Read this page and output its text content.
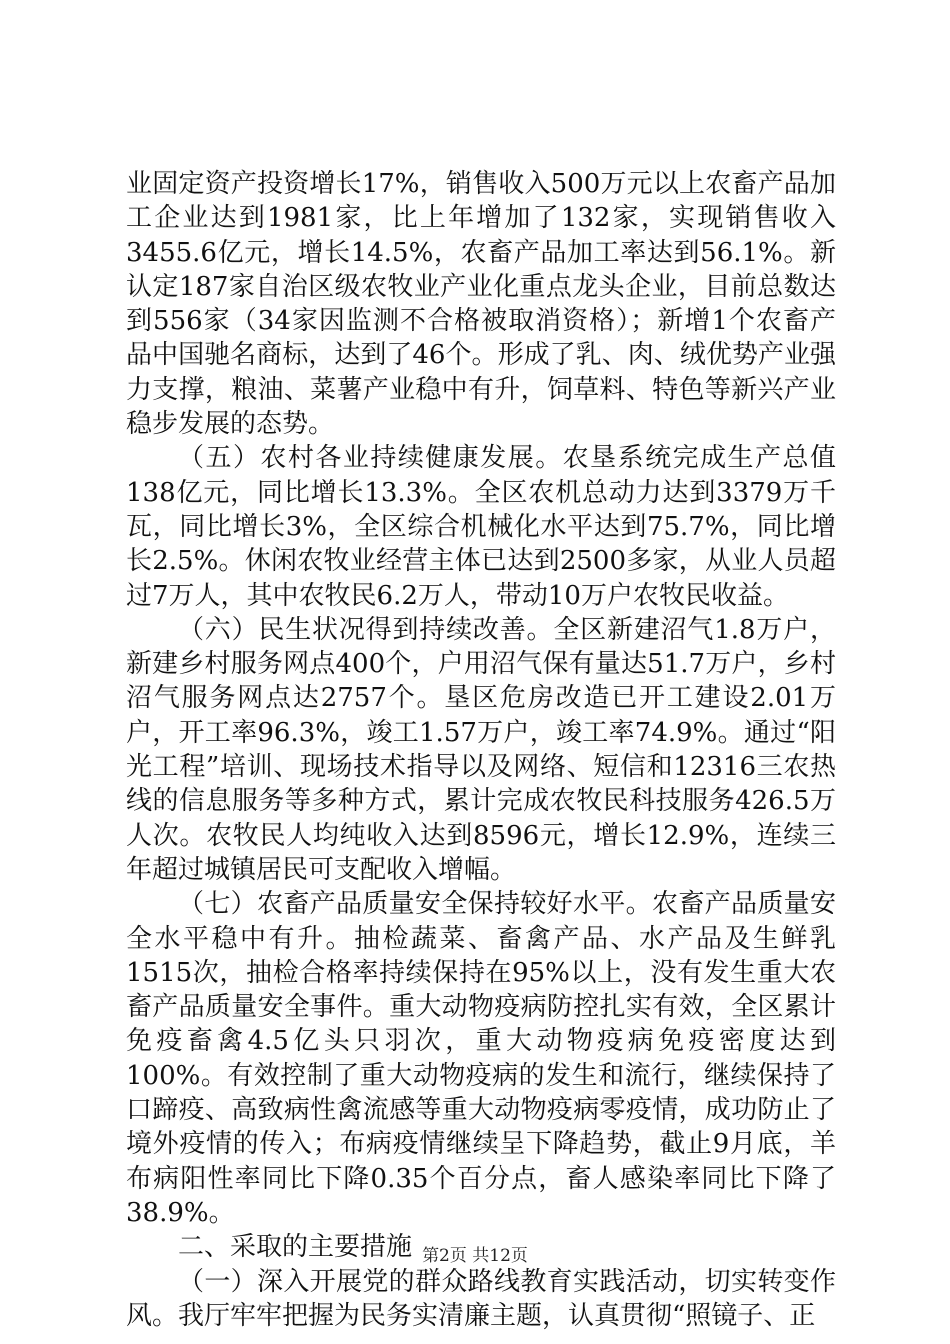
业固定资产投资增长17%，销售收入500万元以上农畜产品加工企业达到1981家，比上年增加了132家，实现销售收入3455.6亿元，增长14.5%，农畜产品加工率达到56.1%。新认定187家自治区级农牧业产业化重点龙头企业，目前总数达到556家（34家因监测不合格被取消资格）；新增1个农畜产品中国驰名商标，达到了46个。形成了乳、肉、绒优势产业强力支撑，粮油、菜薯产业稳中有升，饲草料、特色等新兴产业稳步发展的态势。

（五）农村各业持续健康发展。农垦系统完成生产总值138亿元，同比增长13.3%。全区农机总动力达到3379万千瓦，同比增长3%，全区综合机械化水平达到75.7%，同比增长2.5%。休闲农牧业经营主体已达到2500多家，从业人员超过7万人，其中农牧民6.2万人，带动10万户农牧民收益。

（六）民生状况得到持续改善。全区新建沼气1.8万户，新建乡村服务网点400个，户用沼气保有量达51.7万户，乡村沼气服务网点达2757个。垦区危房改造已开工建设2.01万户，开工率96.3%，竣工1.57万户，竣工率74.9%。通过“阳光工程”培训、现场技术指导以及网络、短信和12316三农热线的信息服务等多种方式，累计完成农牧民科技服务426.5万人次。农牧民人均纯收入达到8596元，增长12.9%，连续三年超过城镇居民可支配收入增幅。

（七）农畜产品质量安全保持较好水平。农畜产品质量安全水平稳中有升。抽检蔬菜、畜禽产品、水产品及生鲜乳1515次，抽检合格率持续保持在95%以上，没有发生重大农畜产品质量安全事件。重大动物疫病防控扎实有效，全区累计免疫畜禽4.5亿头只羽次，重大动物疫病免疫密度达到100%。有效控制了重大动物疫病的发生和流行，继续保持了口蹄疫、高致病性禽流感等重大动物疫病零疫情，成功防止了境外疫情的传入；布病疫情继续呈下降趋势，截止9月底，羊布病阳性率同比下降0.35个百分点，畜人感染率同比下降了38.9%。

二、采取的主要措施

（一）深入开展党的群众路线教育实践活动，切实转变作风。我厅牢牢把握为民务实清廉主题，认真贯彻“照镜子、正

第2页 共12页
